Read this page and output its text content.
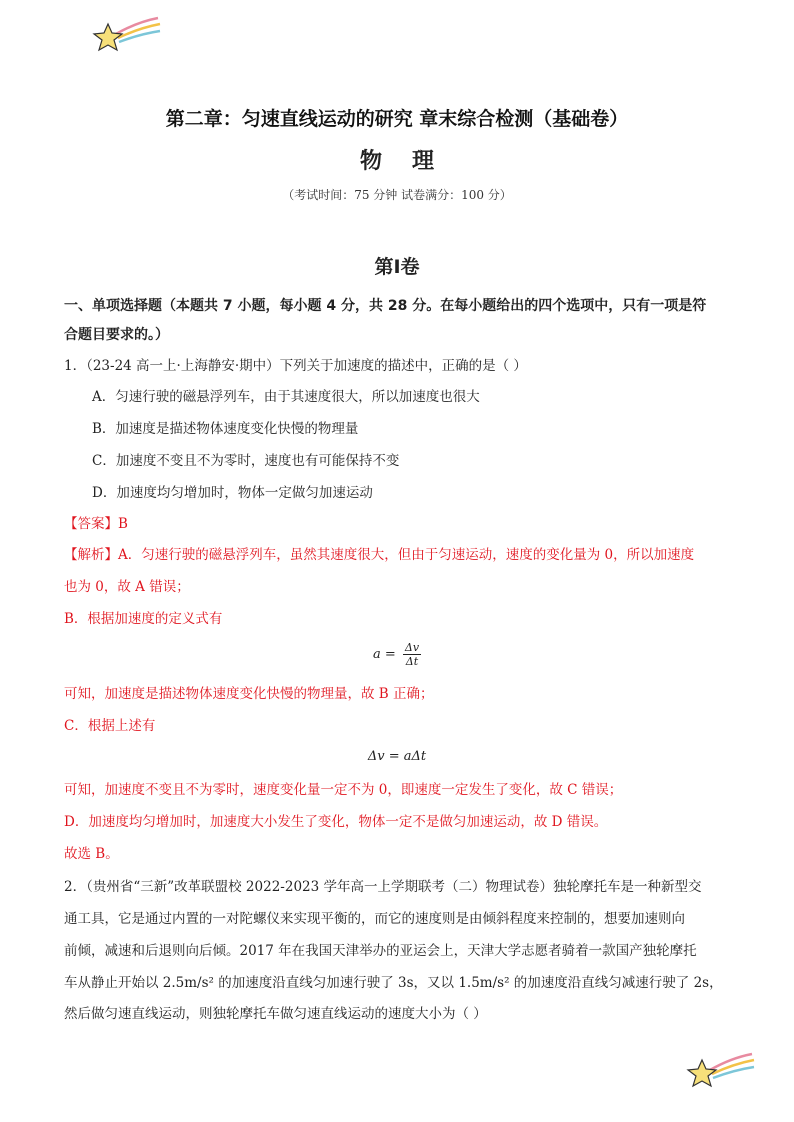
第二章：匀速直线运动的研究 章末综合检测（基础卷）
物理
（考试时间：75 分钟 试卷满分：100 分）
第I卷
一、单项选择题（本题共 7 小题，每小题 4 分，共 28 分。在每小题给出的四个选项中，只有一项是符
合题目要求的。）
1．（23-24 高一上·上海静安·期中）下列关于加速度的描述中，正确的是（ ）
A．匀速行驶的磁悬浮列车，由于其速度很大，所以加速度也很大
B．加速度是描述物体速度变化快慢的物理量
C．加速度不变且不为零时，速度也有可能保持不变
D．加速度均匀增加时，物体一定做匀加速运动
【答案】B
【解析】A．匀速行驶的磁悬浮列车，虽然其速度很大，但由于匀速运动，速度的变化量为 0，所以加速度
也为 0，故 A 错误；
B．根据加速度的定义式有
$a = \frac{\Delta v}{\Delta t}$
可知，加速度是描述物体速度变化快慢的物理量，故 B 正确；
C．根据上述有
Δv = aΔt
可知，加速度不变且不为零时，速度变化量一定不为 0，即速度一定发生了变化，故 C 错误；
D．加速度均匀增加时，加速度大小发生了变化，物体一定不是做匀加速运动，故 D 错误。
故选 B。
2．（贵州省“三新”改革联盟校 2022-2023 学年高一上学期联考（二）物理试卷）独轮摩托车是一种新型交
通工具，它是通过内置的一对陀螺仪来实现平衡的，而它的速度则是由倾斜程度来控制的，想要加速则向
前倾，减速和后退则向后倾。2017 年在我国天津举办的亚运会上，天津大学志愿者骑着一款国产独轮摩托
车从静止开始以 2.5m/s² 的加速度沿直线匀加速行驶了 3s，又以 1.5m/s² 的加速度沿直线匀减速行驶了 2s，
然后做匀速直线运动，则独轮摩托车做匀速直线运动的速度大小为（ ）
